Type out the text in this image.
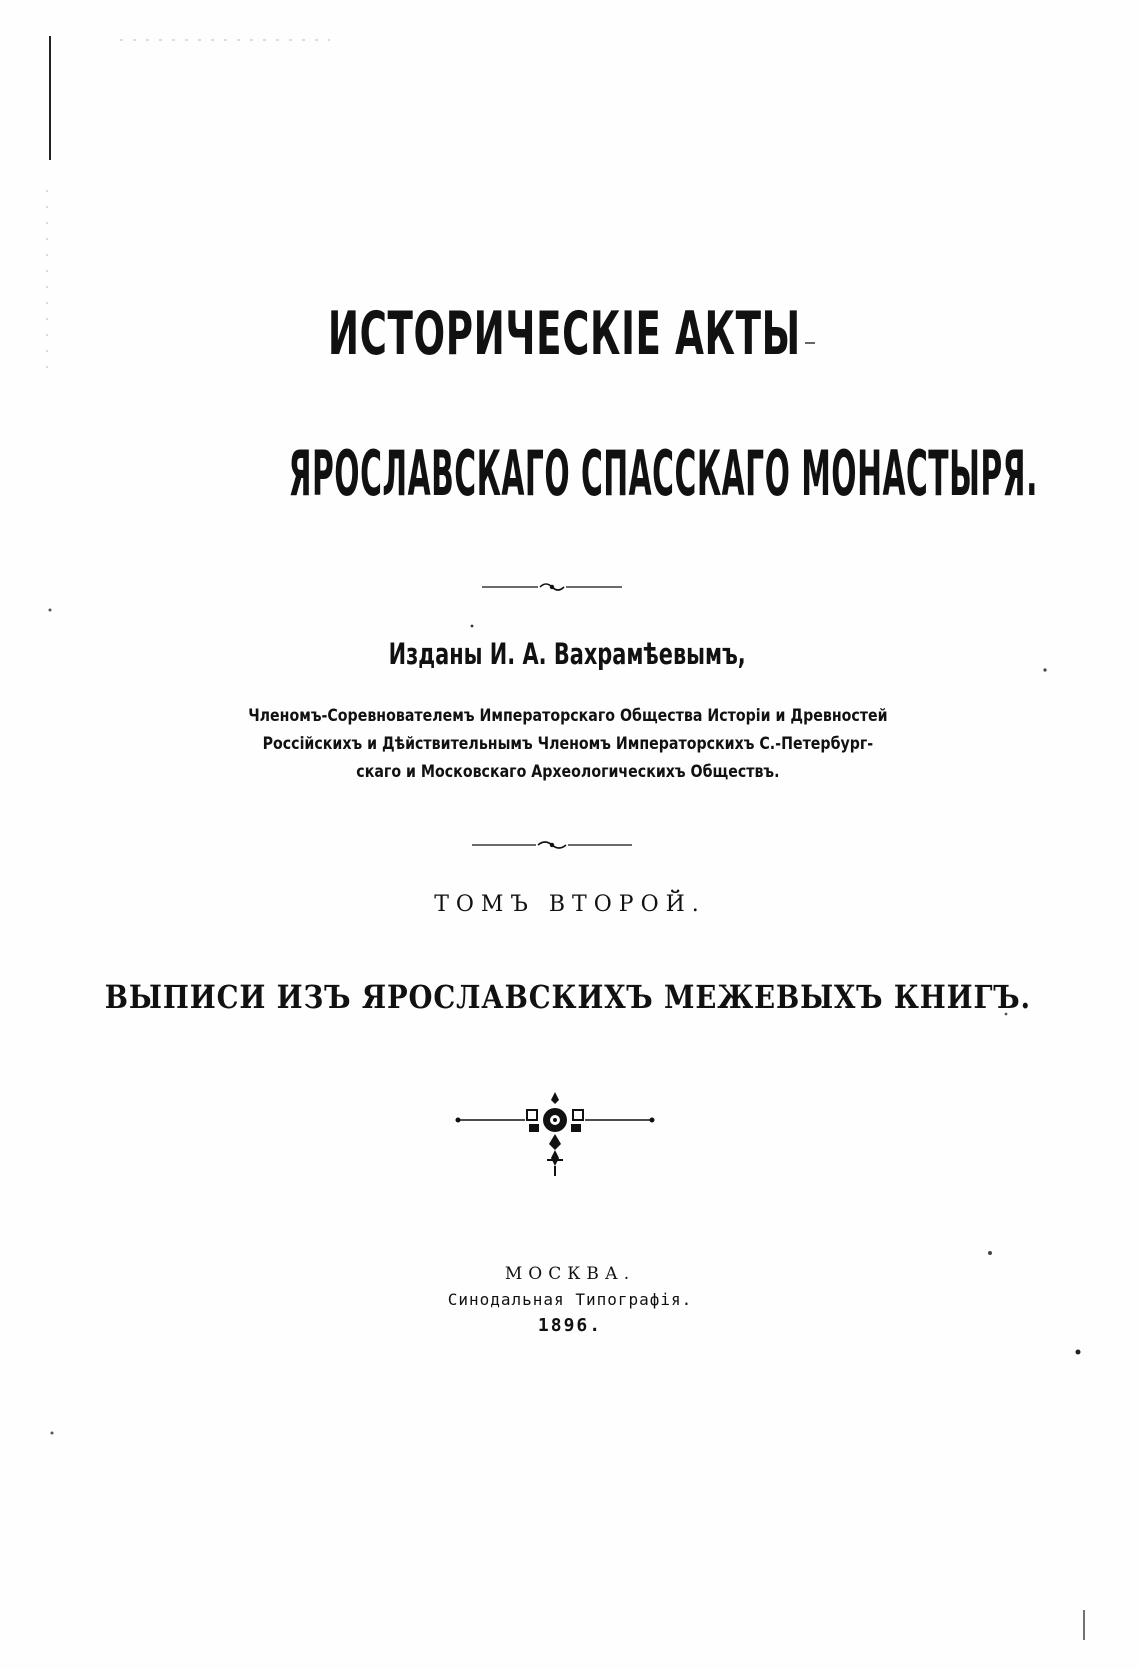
ИСТОРИЧЕСКІЕ АКТЫ
ЯРОСЛАВСКАГО СПАССКАГО МОНАСТЫРЯ.
Изданы И. А. Вахрамѣевымъ,
Членомъ-Соревнователемъ Императорскаго Общества Исторіи и Древностей
Россійскихъ и Дѣйствительнымъ Членомъ Императорскихъ С.-Петербург-
скаго и Московскаго Археологическихъ Обществъ.
ТОМЪ ВТОРОЙ.
ВЫПИСИ ИЗЪ ЯРОСЛАВСКИХЪ МЕЖЕВЫХЪ КНИГЪ.
МОСКВА.
Синодальная Типографія.
1896.
